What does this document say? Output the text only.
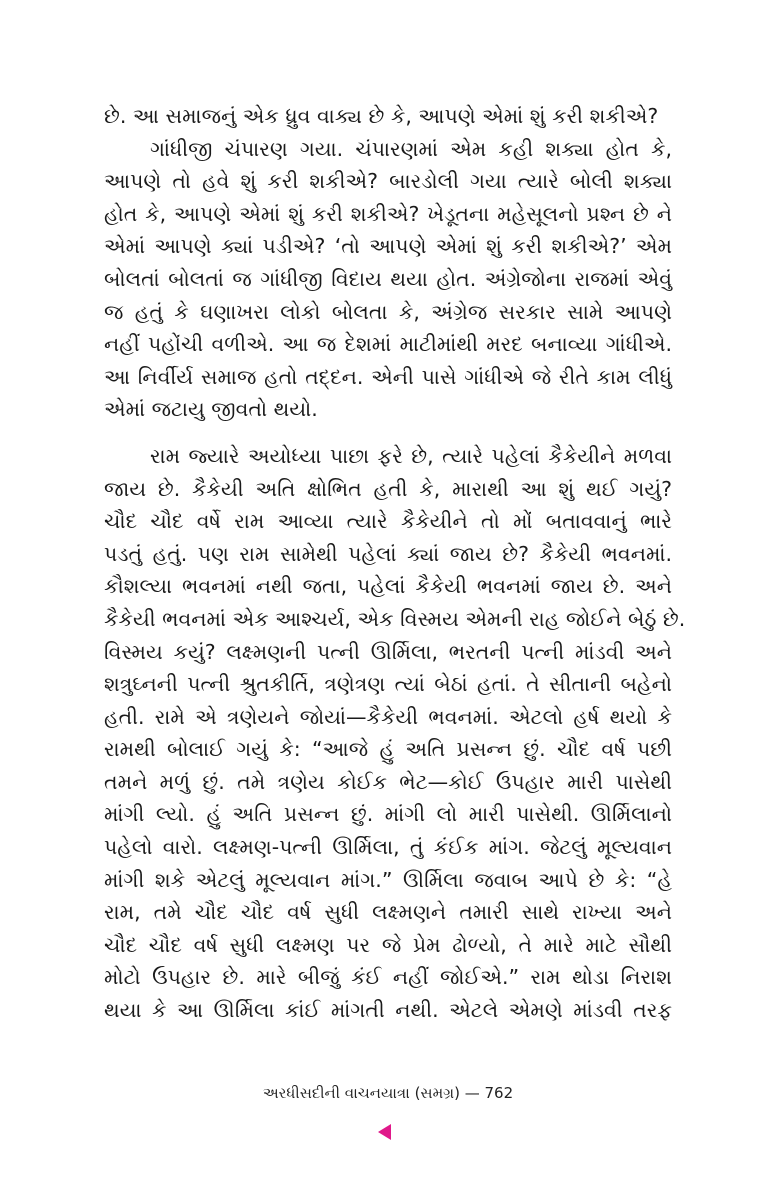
છે. આ સમાજનું એક ધ્રુવ વાક્ય છે કે, આપણે એમાં શું કરી શકીએ?

ગાંધીજી ચંપારણ ગયા. ચંપારણમાં એમ કહી શક્યા હોત કે,
આપણે તો હવે શું કરી શકીએ? બારડોલી ગયા ત્યારે બોલી શક્યા
હોત કે, આપણે એમાં શું કરી શકીએ? ખેડૂતના મહેસૂલનો પ્રશ્ન છે ને
એમાં આપણે ક્યાં પડીએ? ‘તો આપણે એમાં શું કરી શકીએ?’ એમ
બોલતાં બોલતાં જ ગાંધીજી વિદાય થયા હોત. અંગ્રેજોના રાજમાં એવું
જ હતું કે ઘણાખરા લોકો બોલતા કે, અંગ્રેજ સરકાર સામે આપણે
નહીં પહોંચી વળીએ. આ જ દેશમાં માટીમાંથી મરદ બનાવ્યા ગાંધીએ.
આ નિર્વીર્ય સમાજ હતો તદ્દન. એની પાસે ગાંધીએ જે રીતે કામ લીધું
એમાં જટાયુ જીવતો થયો.

રામ જ્યારે અયોધ્યા પાછા ફરે છે, ત્યારે પહેલાં કૈકેયીને મળવા
જાય છે. કૈકેયી અતિ ક્ષોભિત હતી કે, મારાથી આ શું થઈ ગયું?
ચૌદ ચૌદ વર્ષે રામ આવ્યા ત્યારે કૈકેયીને તો મોં બતાવવાનું ભારે
પડતું હતું. પણ રામ સામેથી પહેલાં ક્યાં જાય છે? કૈકેયી ભવનમાં.
કૌશલ્યા ભવનમાં નથી જતા, પહેલાં કૈકેયી ભવનમાં જાય છે. અને
કૈકેયી ભવનમાં એક આશ્ચર્ય, એક વિસ્મય એમની રાહ જોઈને બેઠું છે.
વિસ્મય કયું? લક્ષ્મણની પત્ની ઊર્મિલા, ભરતની પત્ની માંડવી અને
શત્રુઘ્નની પત્ની શ્રુતકીર્તિ, ત્રણેત્રણ ત્યાં બેઠાં હતાં. તે સીતાની બહેનો
હતી. રામે એ ત્રણેયને જોયાં—કૈકેયી ભવનમાં. એટલો હર્ષ થયો કે
રામથી બોલાઈ ગયું કે: “આજે હું અતિ પ્રસન્ન છું. ચૌદ વર્ષ પછી
તમને મળું છું. તમે ત્રણેય કોઈક ભેટ—કોઈ ઉપહાર મારી પાસેથી
માંગી લ્યો. હું અતિ પ્રસન્ન છું. માંગી લો મારી પાસેથી. ઊર્મિલાનો
પહેલો વારો. લક્ષ્મણ-પત્ની ઊર્મિલા, તું કંઈક માંગ. જેટલું મૂલ્યવાન
માંગી શકે એટલું મૂલ્યવાન માંગ.” ઊર્મિલા જવાબ આપે છે કે: “હે
રામ, તમે ચૌદ ચૌદ વર્ષ સુધી લક્ષ્મણને તમારી સાથે રાખ્યા અને
ચૌદ ચૌદ વર્ષ સુધી લક્ષ્મણ પર જે પ્રેમ ઢોળ્યો, તે મારે માટે સૌથી
મોટો ઉપહાર છે. મારે બીજું કંઈ નહીં જોઈએ.” રામ થોડા નિરાશ
થયા કે આ ઊર્મિલા કાંઈ માંગતી નથી. એટલે એમણે માંડવી તરફ

અરધીસદીની વાચનયાત્રા (સમગ્ર) — 762
